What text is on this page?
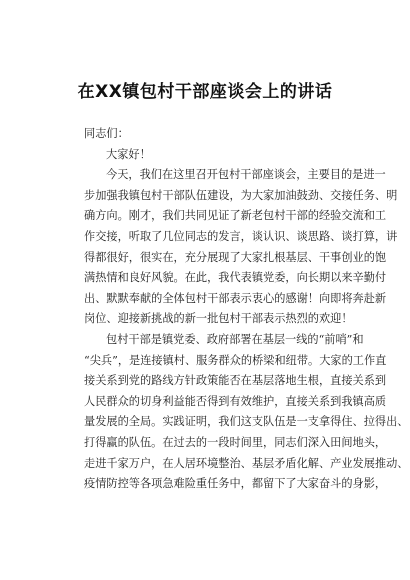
在XX镇包村干部座谈会上的讲话
同志们：
大家好！
今天，我们在这里召开包村干部座谈会，主要目的是进一
步加强我镇包村干部队伍建设，为大家加油鼓劲、交接任务、明
确方向。刚才，我们共同见证了新老包村干部的经验交流和工
作交接，听取了几位同志的发言，谈认识、谈思路、谈打算，讲
得都很好，很实在，充分展现了大家扎根基层、干事创业的饱
满热情和良好风貌。在此，我代表镇党委，向长期以来辛勤付
出、默默奉献的全体包村干部表示衷心的感谢！向即将奔赴新
岗位、迎接新挑战的新一批包村干部表示热烈的欢迎！
包村干部是镇党委、政府部署在基层一线的“前哨”和
“尖兵”，是连接镇村、服务群众的桥梁和纽带。大家的工作直
接关系到党的路线方针政策能否在基层落地生根，直接关系到
人民群众的切身利益能否得到有效维护，直接关系到我镇高质
量发展的全局。实践证明，我们这支队伍是一支拿得住、拉得出、
打得赢的队伍。在过去的一段时间里，同志们深入田间地头，
走进千家万户，在人居环境整治、基层矛盾化解、产业发展推动、
疫情防控等各项急难险重任务中，都留下了大家奋斗的身影，
